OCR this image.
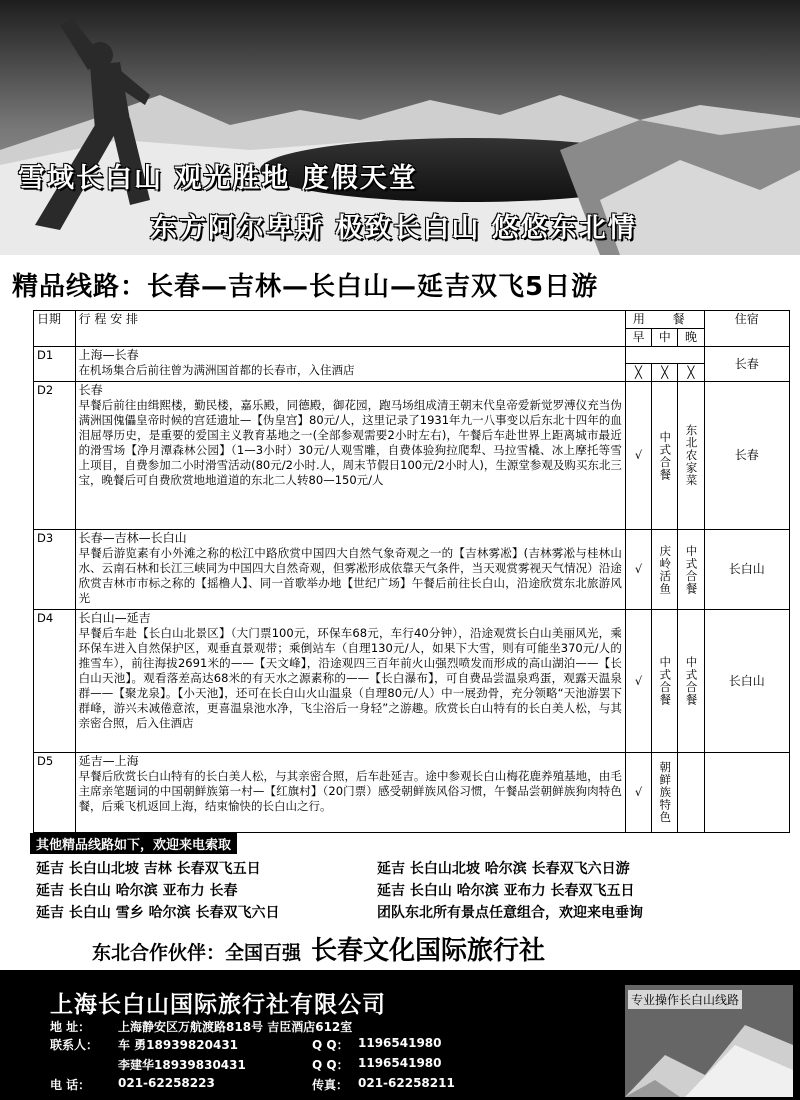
雪域长白山 观光胜地 度假天堂
东方阿尔卑斯 极致长白山 悠悠东北情
精品线路：长春—吉林—长白山—延吉双飞5日游
日期	行 程 安 排	用 餐			住宿
		早	中	晚	
D1	上海—长春
在机场集合后前往曾为满洲国首都的长春市，入住酒店				长春
		╳	╳	╳	
D2	长春
早餐后前往由缉熙楼，勤民楼，嘉乐殿，同德殿，御花园，跑马场组成清王朝末代皇帝爱新觉罗溥仪充当伪满洲国傀儡皇帝时候的宫廷遗址—【伪皇宫】80元/人，这里记录了1931年九一八事变以后东北十四年的血泪屈辱历史，是重要的爱国主义教育基地之一(全部参观需要2小时左右)，午餐后车赴世界上距离城市最近的滑雪场【净月潭森林公园】（1—3小时）30元/人观雪雕，自费体验狗拉爬犁、马拉雪橇、冰上摩托等雪上项目，自费参加二小时滑雪活动(80元/2小时.人，周末节假日100元/2小时人)，生源堂参观及购买东北三宝，晚餐后可自费欣赏地地道道的东北二人转80—150元/人	√	中式合餐	东北农家菜	长春
D3	长春—吉林—长白山
早餐后游览素有小外滩之称的松江中路欣赏中国四大自然气象奇观之一的【吉林雾凇】(吉林雾凇与桂林山水、云南石林和长江三峡同为中国四大自然奇观，但雾凇形成依靠天气条件，当天观赏雾视天气情况）沿途欣赏吉林市市标之称的【摇橹人】、同一首歌举办地【世纪广场】午餐后前往长白山，沿途欣赏东北旅游风光	√	庆岭活鱼	中式合餐	长白山
D4	长白山—延吉
早餐后车赴【长白山北景区】（大门票100元，环保车68元，车行40分钟），沿途观赏长白山美丽风光，乘环保车进入自然保护区，观垂直景观带；乘倒站车（自理130元/人，如果下大雪，则有可能坐370元/人的推雪车），前往海拔2691米的——【天文峰】，沿途观四三百年前火山强烈喷发而形成的高山湖泊——【长白山天池】。观看落差高达68米的有天水之源素称的——【长白瀑布】，可自费品尝温泉鸡蛋，观露天温泉群——【聚龙泉】。【小天池】，还可在长白山火山温泉（自理80元/人）中一展劲骨，充分领略“天池游罢下群峰，游兴未减倦意浓，更喜温泉池水净，飞尘浴后一身轻”之游趣。欣赏长白山特有的长白美人松，与其亲密合照，后入住酒店	√	中式合餐	中式合餐	长白山
D5	延吉—上海
早餐后欣赏长白山特有的长白美人松，与其亲密合照，后车赴延吉。途中参观长白山梅花鹿养殖基地，由毛主席亲笔题词的中国朝鲜族第一村—【红旗村】（20门票）感受朝鲜族风俗习惯，午餐品尝朝鲜族狗肉特色餐，后乘飞机返回上海，结束愉快的长白山之行。	√	朝鲜族特色		

其他精品线路如下，欢迎来电索取
延吉 长白山北坡 吉林 长春双飞五日	延吉 长白山北坡 哈尔滨 长春双飞六日游
延吉 长白山 哈尔滨 亚布力 长春	延吉 长白山 哈尔滨 亚布力 长春双飞五日
延吉 长白山 雪乡 哈尔滨 长春双飞六日	团队东北所有景点任意组合，欢迎来电垂询
东北合作伙伴：全国百强 长春文化国际旅行社
上海长白山国际旅行社有限公司
地 址： 上海静安区万航渡路818号 吉臣酒店612室
联系人： 车 勇18939820431	Q Q： 1196541980
李建华18939830431	Q Q： 1196541980
电 话： 021-62258223	传真： 021-62258211
专业操作长白山线路
